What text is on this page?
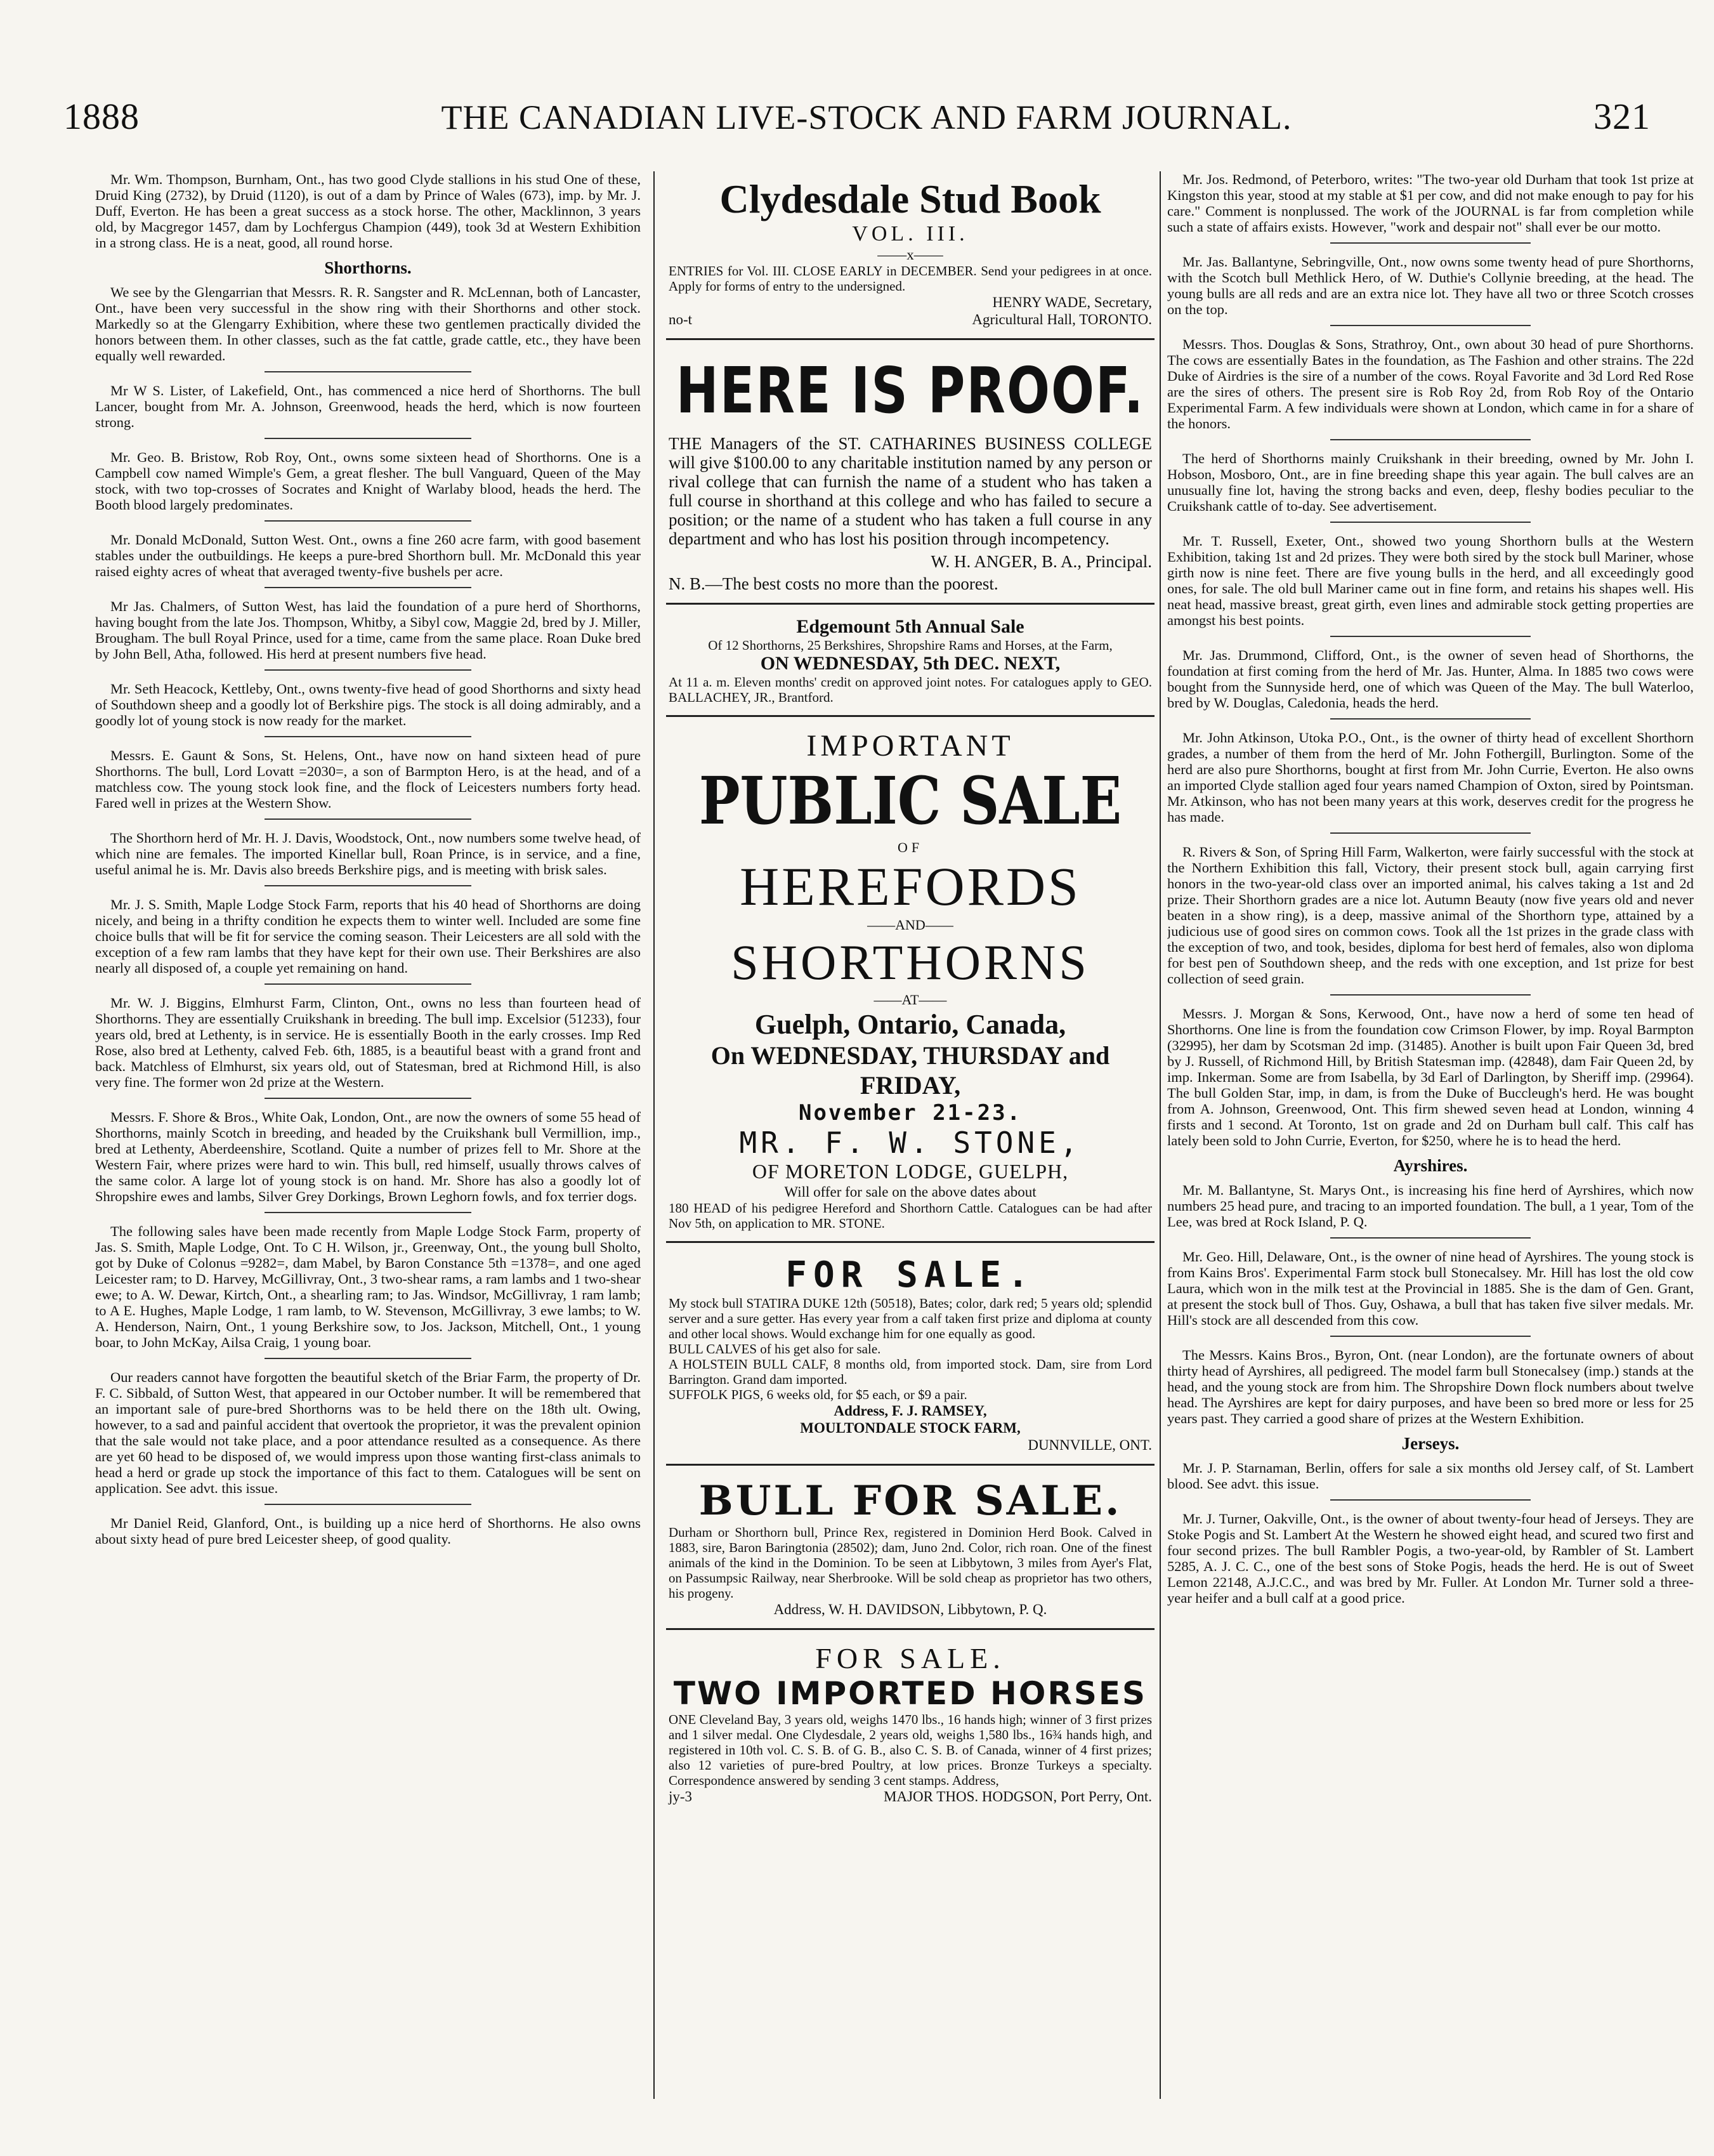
1888	THE CANADIAN LIVE-STOCK AND FARM JOURNAL.	321

Mr. Wm. Thompson, Burnham, Ont., has two good Clyde stallions in his stud One of these, Druid King (2732), by Druid (1120), is out of a dam by Prince of Wales (673), imp. by Mr. J. Duff, Everton. He has been a great success as a stock horse. The other, Macklinnon, 3 years old, by Macgregor 1457, dam by Lochfergus Champion (449), took 3d at Western Exhibition in a strong class. He is a neat, good, all round horse.

Shorthorns.

We see by the Glengarrian that Messrs. R. R. Sangster and R. McLennan, both of Lancaster, Ont., have been very successful in the show ring with their Shorthorns and other stock. Markedly so at the Glengarry Exhibition, where these two gentlemen practically divided the honors between them. In other classes, such as the fat cattle, grade cattle, etc., they have been equally well rewarded.

Mr W S. Lister, of Lakefield, Ont., has commenced a nice herd of Shorthorns. The bull Lancer, bought from Mr. A. Johnson, Greenwood, heads the herd, which is now fourteen strong.

Mr. Geo. B. Bristow, Rob Roy, Ont., owns some sixteen head of Shorthorns. One is a Campbell cow named Wimple's Gem, a great flesher. The bull Vanguard, Queen of the May stock, with two top-crosses of Socrates and Knight of Warlaby blood, heads the herd. The Booth blood largely predominates.

Mr. Donald McDonald, Sutton West. Ont., owns a fine 260 acre farm, with good basement stables under the outbuildings. He keeps a pure-bred Shorthorn bull. Mr. McDonald this year raised eighty acres of wheat that averaged twenty-five bushels per acre.

Mr Jas. Chalmers, of Sutton West, has laid the foundation of a pure herd of Shorthorns, having bought from the late Jos. Thompson, Whitby, a Sibyl cow, Maggie 2d, bred by J. Miller, Brougham. The bull Royal Prince, used for a time, came from the same place. Roan Duke bred by John Bell, Atha, followed. His herd at present numbers five head.

Mr. Seth Heacock, Kettleby, Ont., owns twenty-five head of good Shorthorns and sixty head of Southdown sheep and a goodly lot of Berkshire pigs. The stock is all doing admirably, and a goodly lot of young stock is now ready for the market.

Messrs. E. Gaunt & Sons, St. Helens, Ont., have now on hand sixteen head of pure Shorthorns. The bull, Lord Lovatt =2030=, a son of Barmpton Hero, is at the head, and of a matchless cow. The young stock look fine, and the flock of Leicesters numbers forty head. Fared well in prizes at the Western Show.

The Shorthorn herd of Mr. H. J. Davis, Woodstock, Ont., now numbers some twelve head, of which nine are females. The imported Kinellar bull, Roan Prince, is in service, and a fine, useful animal he is. Mr. Davis also breeds Berkshire pigs, and is meeting with brisk sales.

Mr. J. S. Smith, Maple Lodge Stock Farm, reports that his 40 head of Shorthorns are doing nicely, and being in a thrifty condition he expects them to winter well. Included are some fine choice bulls that will be fit for service the coming season. Their Leicesters are all sold with the exception of a few ram lambs that they have kept for their own use. Their Berkshires are also nearly all disposed of, a couple yet remaining on hand.

Mr. W. J. Biggins, Elmhurst Farm, Clinton, Ont., owns no less than fourteen head of Shorthorns. They are essentially Cruikshank in breeding. The bull imp. Excelsior (51233), four years old, bred at Lethenty, is in service. He is essentially Booth in the early crosses. Imp Red Rose, also bred at Lethenty, calved Feb. 6th, 1885, is a beautiful beast with a grand front and back. Matchless of Elmhurst, six years old, out of Statesman, bred at Richmond Hill, is also very fine. The former won 2d prize at the Western.

Messrs. F. Shore & Bros., White Oak, London, Ont., are now the owners of some 55 head of Shorthorns, mainly Scotch in breeding, and headed by the Cruikshank bull Vermillion, imp., bred at Lethenty, Aberdeenshire, Scotland. Quite a number of prizes fell to Mr. Shore at the Western Fair, where prizes were hard to win. This bull, red himself, usually throws calves of the same color. A large lot of young stock is on hand. Mr. Shore has also a goodly lot of Shropshire ewes and lambs, Silver Grey Dorkings, Brown Leghorn fowls, and fox terrier dogs.

The following sales have been made recently from Maple Lodge Stock Farm, property of Jas. S. Smith, Maple Lodge, Ont. To C H. Wilson, jr., Greenway, Ont., the young bull Sholto, got by Duke of Colonus =9282=, dam Mabel, by Baron Constance 5th =1378=, and one aged Leicester ram; to D. Harvey, McGillivray, Ont., 3 two-shear rams, a ram lambs and 1 two-shear ewe; to A. W. Dewar, Kirtch, Ont., a shearling ram; to Jas. Windsor, McGillivray, 1 ram lamb; to A E. Hughes, Maple Lodge, 1 ram lamb, to W. Stevenson, McGillivray, 3 ewe lambs; to W. A. Henderson, Nairn, Ont., 1 young Berkshire sow, to Jos. Jackson, Mitchell, Ont., 1 young boar, to John McKay, Ailsa Craig, 1 young boar.

Our readers cannot have forgotten the beautiful sketch of the Briar Farm, the property of Dr. F. C. Sibbald, of Sutton West, that appeared in our October number. It will be remembered that an important sale of pure-bred Shorthorns was to be held there on the 18th ult. Owing, however, to a sad and painful accident that overtook the proprietor, it was the prevalent opinion that the sale would not take place, and a poor attendance resulted as a consequence. As there are yet 60 head to be disposed of, we would impress upon those wanting first-class animals to head a herd or grade up stock the importance of this fact to them. Catalogues will be sent on application. See advt. this issue.

Mr Daniel Reid, Glanford, Ont., is building up a nice herd of Shorthorns. He also owns about sixty head of pure bred Leicester sheep, of good quality.

Clydesdale Stud Book
VOL. III.
——x——
ENTRIES for Vol. III. CLOSE EARLY in DECEMBER. Send your pedigrees in at once. Apply for forms of entry to the undersigned.
HENRY WADE, Secretary,
no-t	Agricultural Hall, TORONTO.
HERE IS PROOF.
THE Managers of the ST. CATHARINES BUSINESS COLLEGE will give $100.00 to any charitable institution named by any person or rival college that can furnish the name of a student who has taken a full course in shorthand at this college and who has failed to secure a position; or the name of a student who has taken a full course in any department and who has lost his position through incompetency.
W. H. ANGER, B. A., Principal.
N. B.—The best costs no more than the poorest.
Edgemount 5th Annual Sale
Of 12 Shorthorns, 25 Berkshires, Shropshire Rams and Horses, at the Farm,
ON WEDNESDAY, 5th DEC. NEXT,
At 11 a. m. Eleven months' credit on approved joint notes. For catalogues apply to GEO. BALLACHEY, JR., Brantford.
IMPORTANT
PUBLIC SALE
OF
HEREFORDS
——AND——
SHORTHORNS
——AT——
Guelph, Ontario, Canada,
On WEDNESDAY, THURSDAY and FRIDAY,
November 21-23.
MR. F. W. STONE,
OF MORETON LODGE, GUELPH,
Will offer for sale on the above dates about
180 HEAD of his pedigree Hereford and Shorthorn Cattle. Catalogues can be had after Nov 5th, on application to MR. STONE.
FOR SALE.
My stock bull STATIRA DUKE 12th (50518), Bates; color, dark red; 5 years old; splendid server and a sure getter. Has every year from a calf taken first prize and diploma at county and other local shows. Would exchange him for one equally as good.
BULL CALVES of his get also for sale.
A HOLSTEIN BULL CALF, 8 months old, from imported stock. Dam, sire from Lord Barrington. Grand dam imported.
SUFFOLK PIGS, 6 weeks old, for $5 each, or $9 a pair.
Address, F. J. RAMSEY,
MOULTONDALE STOCK FARM,
DUNNVILLE, ONT.
BULL FOR SALE.
Durham or Shorthorn bull, Prince Rex, registered in Dominion Herd Book. Calved in 1883, sire, Baron Baringtonia (28502); dam, Juno 2nd. Color, rich roan. One of the finest animals of the kind in the Dominion. To be seen at Libbytown, 3 miles from Ayer's Flat, on Passumpsic Railway, near Sherbrooke. Will be sold cheap as proprietor has two others, his progeny.
Address, W. H. DAVIDSON, Libbytown, P. Q.
FOR SALE.
TWO IMPORTED HORSES
ONE Cleveland Bay, 3 years old, weighs 1470 lbs., 16 hands high; winner of 3 first prizes and 1 silver medal. One Clydesdale, 2 years old, weighs 1,580 lbs., 16¾ hands high, and registered in 10th vol. C. S. B. of G. B., also C. S. B. of Canada, winner of 4 first prizes; also 12 varieties of pure-bred Poultry, at low prices. Bronze Turkeys a specialty. Correspondence answered by sending 3 cent stamps. Address,
jy-3	MAJOR THOS. HODGSON, Port Perry, Ont.

Mr. Jos. Redmond, of Peterboro, writes: "The two-year old Durham that took 1st prize at Kingston this year, stood at my stable at $1 per cow, and did not make enough to pay for his care." Comment is nonplussed. The work of the JOURNAL is far from completion while such a state of affairs exists. However, "work and despair not" shall ever be our motto.

Mr. Jas. Ballantyne, Sebringville, Ont., now owns some twenty head of pure Shorthorns, with the Scotch bull Methlick Hero, of W. Duthie's Collynie breeding, at the head. The young bulls are all reds and are an extra nice lot. They have all two or three Scotch crosses on the top.

Messrs. Thos. Douglas & Sons, Strathroy, Ont., own about 30 head of pure Shorthorns. The cows are essentially Bates in the foundation, as The Fashion and other strains. The 22d Duke of Airdries is the sire of a number of the cows. Royal Favorite and 3d Lord Red Rose are the sires of others. The present sire is Rob Roy 2d, from Rob Roy of the Ontario Experimental Farm. A few individuals were shown at London, which came in for a share of the honors.

The herd of Shorthorns mainly Cruikshank in their breeding, owned by Mr. John I. Hobson, Mosboro, Ont., are in fine breeding shape this year again. The bull calves are an unusually fine lot, having the strong backs and even, deep, fleshy bodies peculiar to the Cruikshank cattle of to-day. See advertisement.

Mr. T. Russell, Exeter, Ont., showed two young Shorthorn bulls at the Western Exhibition, taking 1st and 2d prizes. They were both sired by the stock bull Mariner, whose girth now is nine feet. There are five young bulls in the herd, and all exceedingly good ones, for sale. The old bull Mariner came out in fine form, and retains his shapes well. His neat head, massive breast, great girth, even lines and admirable stock getting properties are amongst his best points.

Mr. Jas. Drummond, Clifford, Ont., is the owner of seven head of Shorthorns, the foundation at first coming from the herd of Mr. Jas. Hunter, Alma. In 1885 two cows were bought from the Sunnyside herd, one of which was Queen of the May. The bull Waterloo, bred by W. Douglas, Caledonia, heads the herd.

Mr. John Atkinson, Utoka P.O., Ont., is the owner of thirty head of excellent Shorthorn grades, a number of them from the herd of Mr. John Fothergill, Burlington. Some of the herd are also pure Shorthorns, bought at first from Mr. John Currie, Everton. He also owns an imported Clyde stallion aged four years named Champion of Oxton, sired by Pointsman. Mr. Atkinson, who has not been many years at this work, deserves credit for the progress he has made.

R. Rivers & Son, of Spring Hill Farm, Walkerton, were fairly successful with the stock at the Northern Exhibition this fall, Victory, their present stock bull, again carrying first honors in the two-year-old class over an imported animal, his calves taking a 1st and 2d prize. Their Shorthorn grades are a nice lot. Autumn Beauty (now five years old and never beaten in a show ring), is a deep, massive animal of the Shorthorn type, attained by a judicious use of good sires on common cows. Took all the 1st prizes in the grade class with the exception of two, and took, besides, diploma for best herd of females, also won diploma for best pen of Southdown sheep, and the reds with one exception, and 1st prize for best collection of seed grain.

Messrs. J. Morgan & Sons, Kerwood, Ont., have now a herd of some ten head of Shorthorns. One line is from the foundation cow Crimson Flower, by imp. Royal Barmpton (32995), her dam by Scotsman 2d imp. (31485). Another is built upon Fair Queen 3d, bred by J. Russell, of Richmond Hill, by British Statesman imp. (42848), dam Fair Queen 2d, by imp. Inkerman. Some are from Isabella, by 3d Earl of Darlington, by Sheriff imp. (29964). The bull Golden Star, imp, in dam, is from the Duke of Buccleugh's herd. He was bought from A. Johnson, Greenwood, Ont. This firm shewed seven head at London, winning 4 firsts and 1 second. At Toronto, 1st on grade and 2d on Durham bull calf. This calf has lately been sold to John Currie, Everton, for $250, where he is to head the herd.

Ayrshires.

Mr. M. Ballantyne, St. Marys Ont., is increasing his fine herd of Ayrshires, which now numbers 25 head pure, and tracing to an imported foundation. The bull, a 1 year, Tom of the Lee, was bred at Rock Island, P. Q.

Mr. Geo. Hill, Delaware, Ont., is the owner of nine head of Ayrshires. The young stock is from Kains Bros'. Experimental Farm stock bull Stonecalsey. Mr. Hill has lost the old cow Laura, which won in the milk test at the Provincial in 1885. She is the dam of Gen. Grant, at present the stock bull of Thos. Guy, Oshawa, a bull that has taken five silver medals. Mr. Hill's stock are all descended from this cow.

The Messrs. Kains Bros., Byron, Ont. (near London), are the fortunate owners of about thirty head of Ayrshires, all pedigreed. The model farm bull Stonecalsey (imp.) stands at the head, and the young stock are from him. The Shropshire Down flock numbers about twelve head. The Ayrshires are kept for dairy purposes, and have been so bred more or less for 25 years past. They carried a good share of prizes at the Western Exhibition.

Jerseys.

Mr. J. P. Starnaman, Berlin, offers for sale a six months old Jersey calf, of St. Lambert blood. See advt. this issue.

Mr. J. Turner, Oakville, Ont., is the owner of about twenty-four head of Jerseys. They are Stoke Pogis and St. Lambert At the Western he showed eight head, and scured two first and four second prizes. The bull Rambler Pogis, a two-year-old, by Rambler of St. Lambert 5285, A. J. C. C., one of the best sons of Stoke Pogis, heads the herd. He is out of Sweet Lemon 22148, A.J.C.C., and was bred by Mr. Fuller. At London Mr. Turner sold a three-year heifer and a bull calf at a good price.
